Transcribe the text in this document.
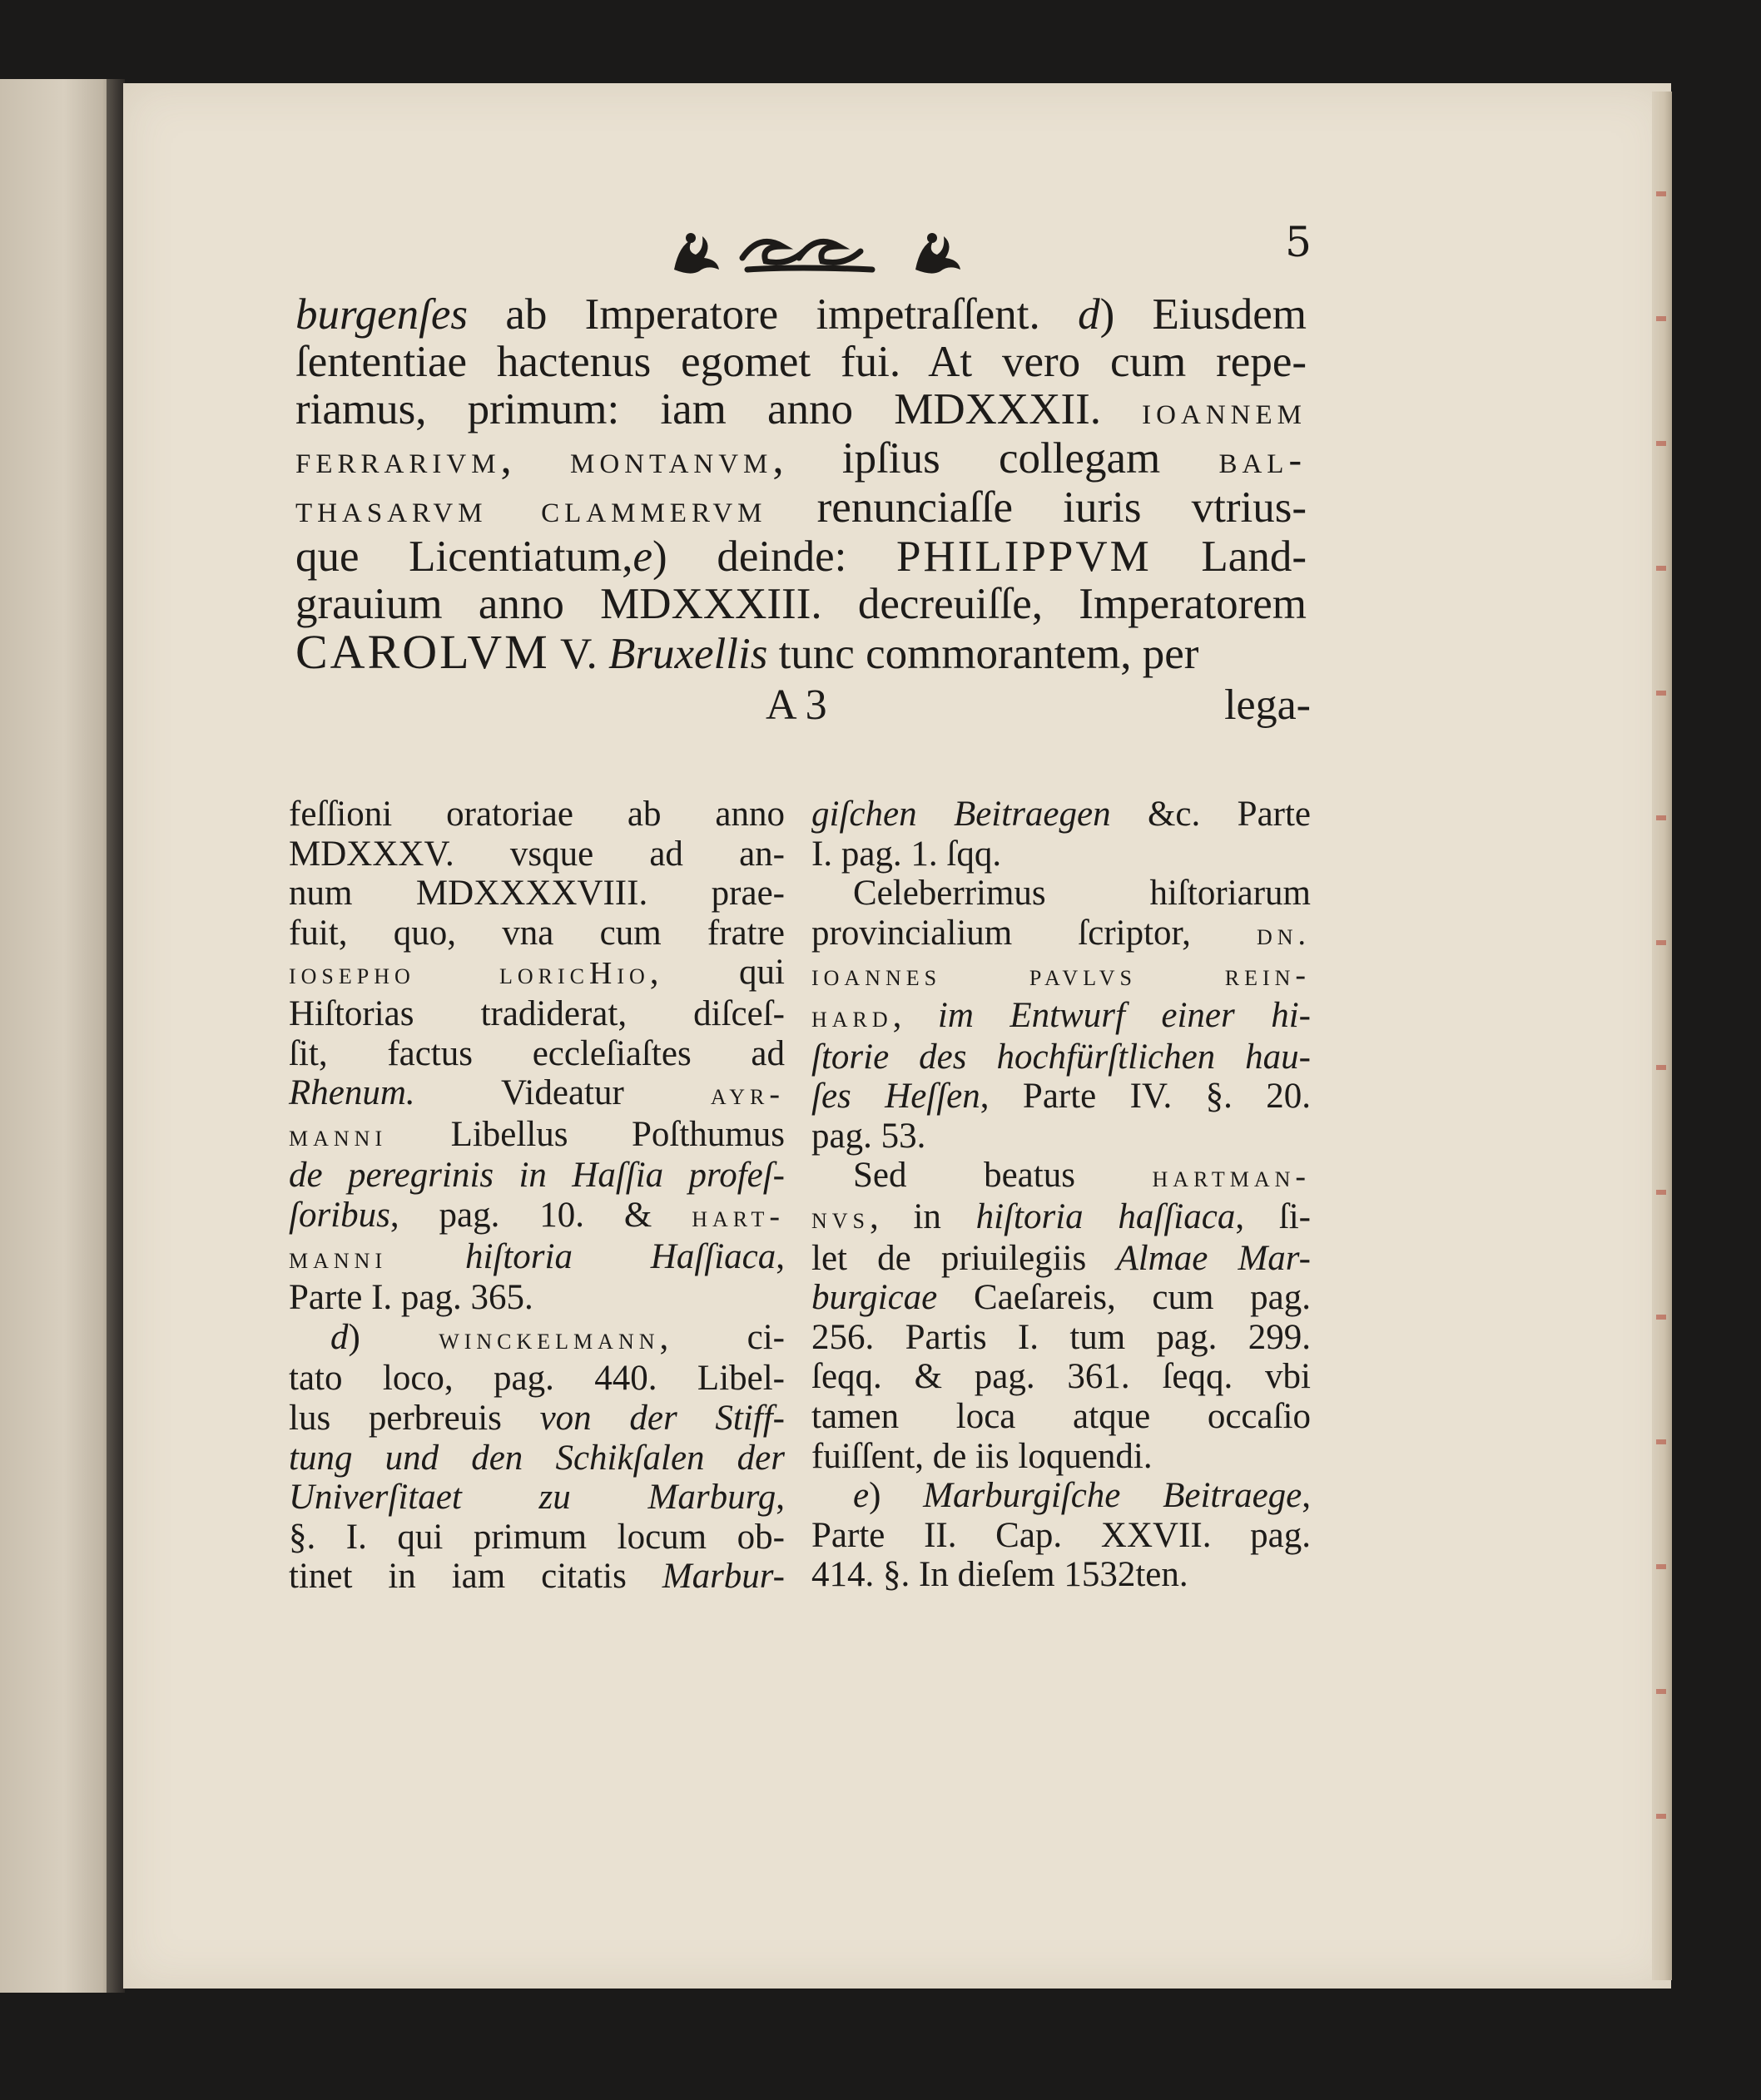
5
burgenſes ab Imperatore impetraſſent. d) Eiusdem
ſententiae hactenus egomet fui. At vero cum repe-
riamus, primum: iam anno MDXXXII. ioannem
ferrarivm, montanvm, ipſius collegam bal-
thasarvm clammervm renunciaſſe iuris vtrius-
que Licentiatum,e) deinde: PHILIPPVM Land-
grauium anno MDXXXIII. decreuiſſe, Imperatorem
CAROLVM V. Bruxellis tunc commorantem, per
A 3	lega-
feſſioni oratoriae ab anno
MDXXXV. vsque ad an-
num MDXXXXVIII. prae-
fuit, quo, vna cum fratre
iosepho loricHio, qui
Hiſtorias tradiderat, diſceſ-
ſit, factus eccleſiaſtes ad
Rhenum. Videatur ayr-
manni Libellus Poſthumus
de peregrinis in Haſſia profeſ-
ſoribus, pag. 10. & hart-
manni hiſtoria Haſſiaca,
Parte I. pag. 365.
d) winckelmann, ci-
tato loco, pag. 440. Libel-
lus perbreuis von der Stiff-
tung und den Schikſalen der
Univerſitaet zu Marburg,
§. I. qui primum locum ob-
tinet in iam citatis Marbur-
giſchen Beitraegen &c. Parte
I. pag. 1. ſqq.
Celeberrimus hiſtoriarum
provincialium ſcriptor, dn.
ioannes pavlvs rein-
hard, im Entwurf einer hi-
ſtorie des hochfürſtlichen hau-
ſes Heſſen, Parte IV. §. 20.
pag. 53.
Sed beatus hartman-
nvs, in hiſtoria haſſiaca, ſi-
let de priuilegiis Almae Mar-
burgicae Caeſareis, cum pag.
256. Partis I. tum pag. 299.
ſeqq. & pag. 361. ſeqq. vbi
tamen loca atque occaſio
fuiſſent, de iis loquendi.
e) Marburgiſche Beitraege,
Parte II. Cap. XXVII. pag.
414. §. In dieſem 1532ten.
